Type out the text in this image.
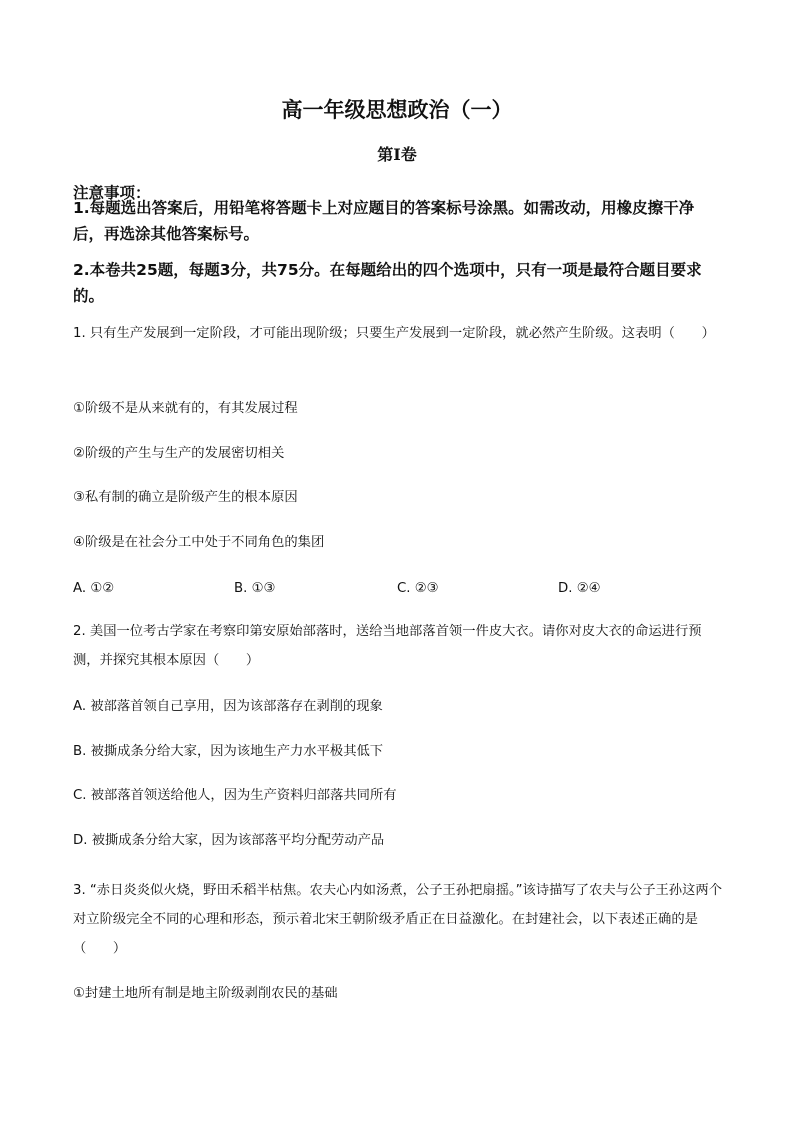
高一年级思想政治（一）
第I卷
注意事项：
1.每题选出答案后，用铅笔将答题卡上对应题目的答案标号涂黑。如需改动，用橡皮擦干净后，再选涂其他答案标号。
2.本卷共25题，每题3分，共75分。在每题给出的四个选项中，只有一项是最符合题目要求的。
1. 只有生产发展到一定阶段，才可能出现阶级；只要生产发展到一定阶段，就必然产生阶级。这表明（　　）
①阶级不是从来就有的，有其发展过程
②阶级的产生与生产的发展密切相关
③私有制的确立是阶级产生的根本原因
④阶级是在社会分工中处于不同角色的集团
A. ①②	B. ①③	C. ②③	D. ②④
2. 美国一位考古学家在考察印第安原始部落时，送给当地部落首领一件皮大衣。请你对皮大衣的命运进行预测，并探究其根本原因（　　）
A. 被部落首领自己享用，因为该部落存在剥削的现象
B. 被撕成条分给大家，因为该地生产力水平极其低下
C. 被部落首领送给他人，因为生产资料归部落共同所有
D. 被撕成条分给大家，因为该部落平均分配劳动产品
3. “赤日炎炎似火烧，野田禾稻半枯焦。农夫心内如汤煮，公子王孙把扇摇。”该诗描写了农夫与公子王孙这两个对立阶级完全不同的心理和形态，预示着北宋王朝阶级矛盾正在日益激化。在封建社会，以下表述正确的是（　　）
①封建土地所有制是地主阶级剥削农民的基础
